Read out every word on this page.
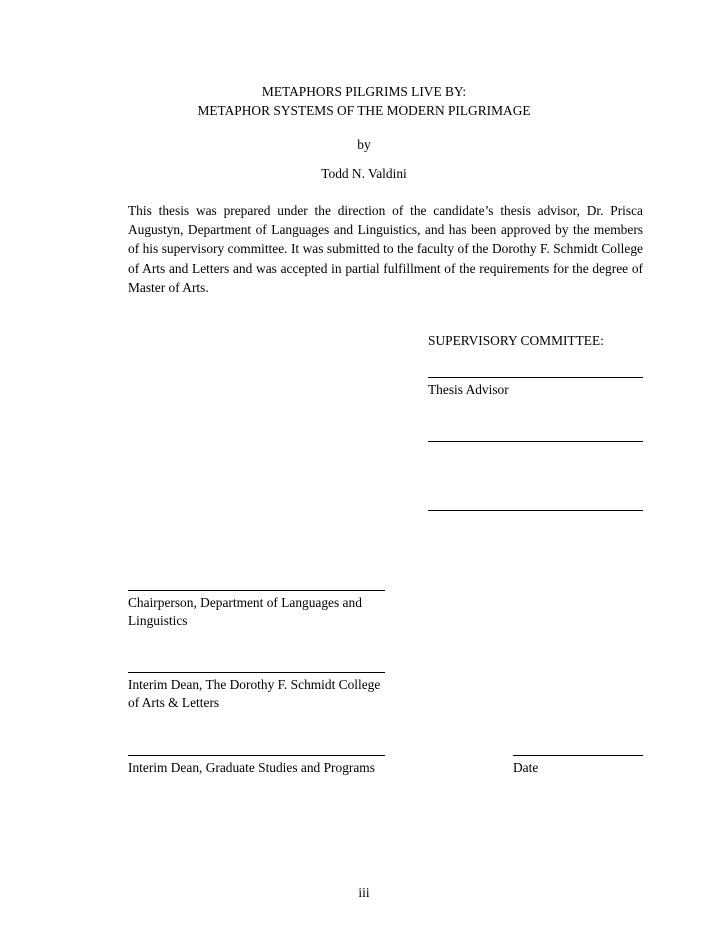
METAPHORS PILGRIMS LIVE BY:
METAPHOR SYSTEMS OF THE MODERN PILGRIMAGE
by
Todd N. Valdini
This thesis was prepared under the direction of the candidate’s thesis advisor, Dr. Prisca Augustyn, Department of Languages and Linguistics, and has been approved by the members of his supervisory committee. It was submitted to the faculty of the Dorothy F. Schmidt College of Arts and Letters and was accepted in partial fulfillment of the requirements for the degree of Master of Arts.
SUPERVISORY COMMITTEE:
Thesis Advisor
Chairperson, Department of Languages and
Linguistics
Interim Dean, The Dorothy F. Schmidt College
of Arts & Letters
Interim Dean, Graduate Studies and Programs	Date
iii
